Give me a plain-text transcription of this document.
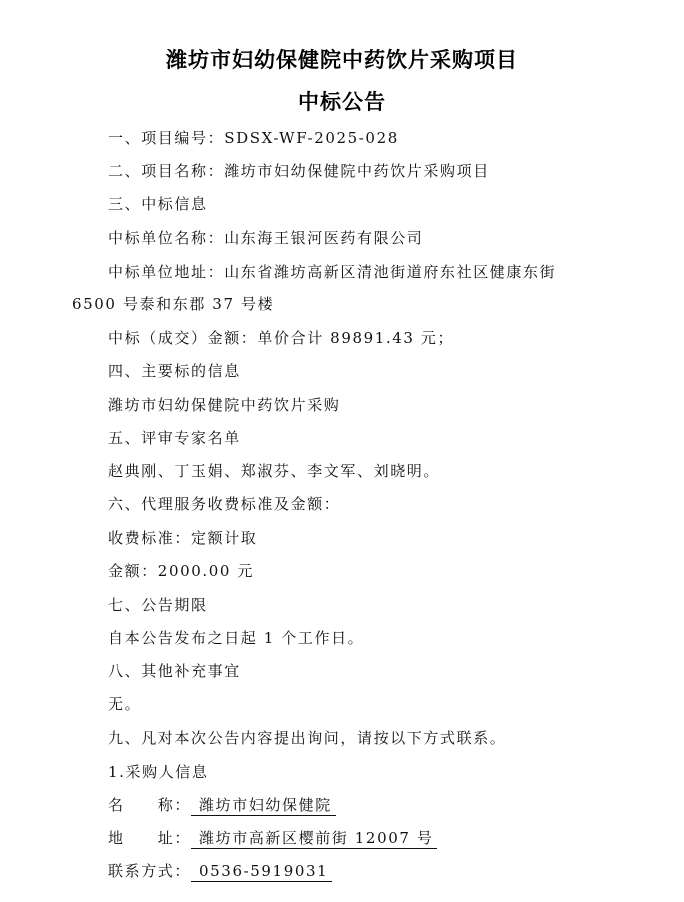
潍坊市妇幼保健院中药饮片采购项目
中标公告
一、项目编号：SDSX-WF-2025-028
二、项目名称：潍坊市妇幼保健院中药饮片采购项目
三、中标信息
中标单位名称：山东海王银河医药有限公司
中标单位地址：山东省潍坊高新区清池街道府东社区健康东街
6500 号泰和东郡 37 号楼
中标（成交）金额：单价合计 89891.43 元；
四、主要标的信息
潍坊市妇幼保健院中药饮片采购
五、评审专家名单
赵典刚、丁玉娟、郑淑芬、李文军、刘晓明。
六、代理服务收费标准及金额：
收费标准：定额计取
金额：2000.00 元
七、公告期限
自本公告发布之日起 1 个工作日。
八、其他补充事宜
无。
九、凡对本次公告内容提出询问，请按以下方式联系。
1.采购人信息
名　　称： 潍坊市妇幼保健院
地　　址： 潍坊市高新区樱前街 12007 号
联系方式： 0536-5919031
